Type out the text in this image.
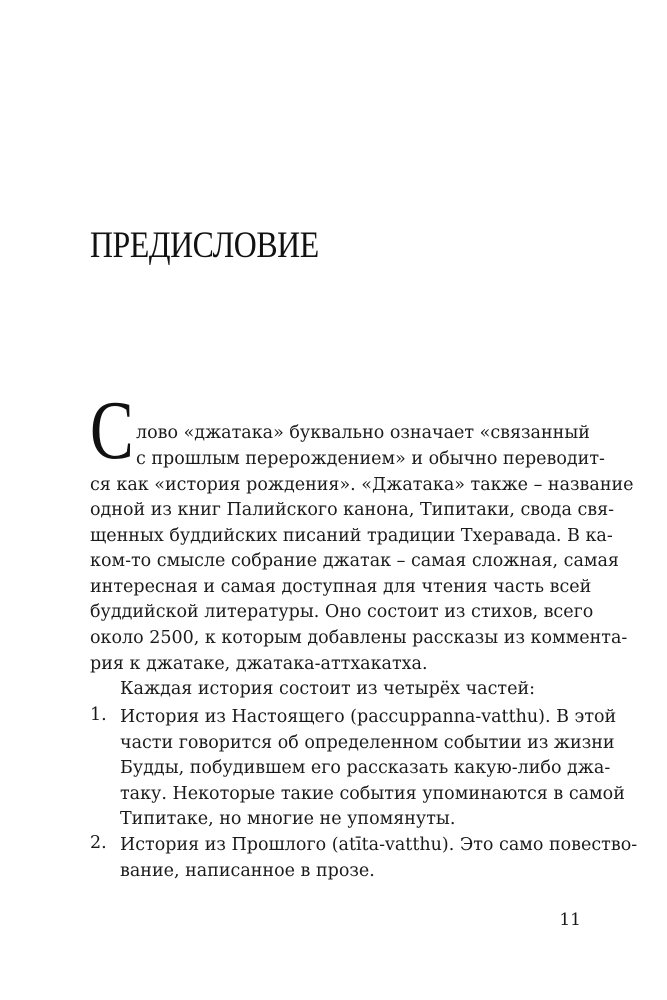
ПРЕДИСЛОВИЕ
С лово «джатака» буквально означает «связанный
с прошлым перерождением» и обычно переводит-
ся как «история рождения». «Джатака» также – название
одной из книг Палийского канона, Типитаки, свода свя-
щенных буддийских писаний традиции Тхеравада. В ка-
ком-то смысле собрание джатак – самая сложная, самая
интересная и самая доступная для чтения часть всей
буддийской литературы. Оно состоит из стихов, всего
около 2500, к которым добавлены рассказы из коммента-
рия к джатаке, джатака-аттхакатха.
Каждая история состоит из четырёх частей:
1. История из Настоящего (paccuppanna-vatthu). В этой
части говорится об определенном событии из жизни
Будды, побудившем его рассказать какую-либо джа-
таку. Некоторые такие события упоминаются в самой
Типитаке, но многие не упомянуты.
2. История из Прошлого (atīta-vatthu). Это само повество-
вание, написанное в прозе.
11
